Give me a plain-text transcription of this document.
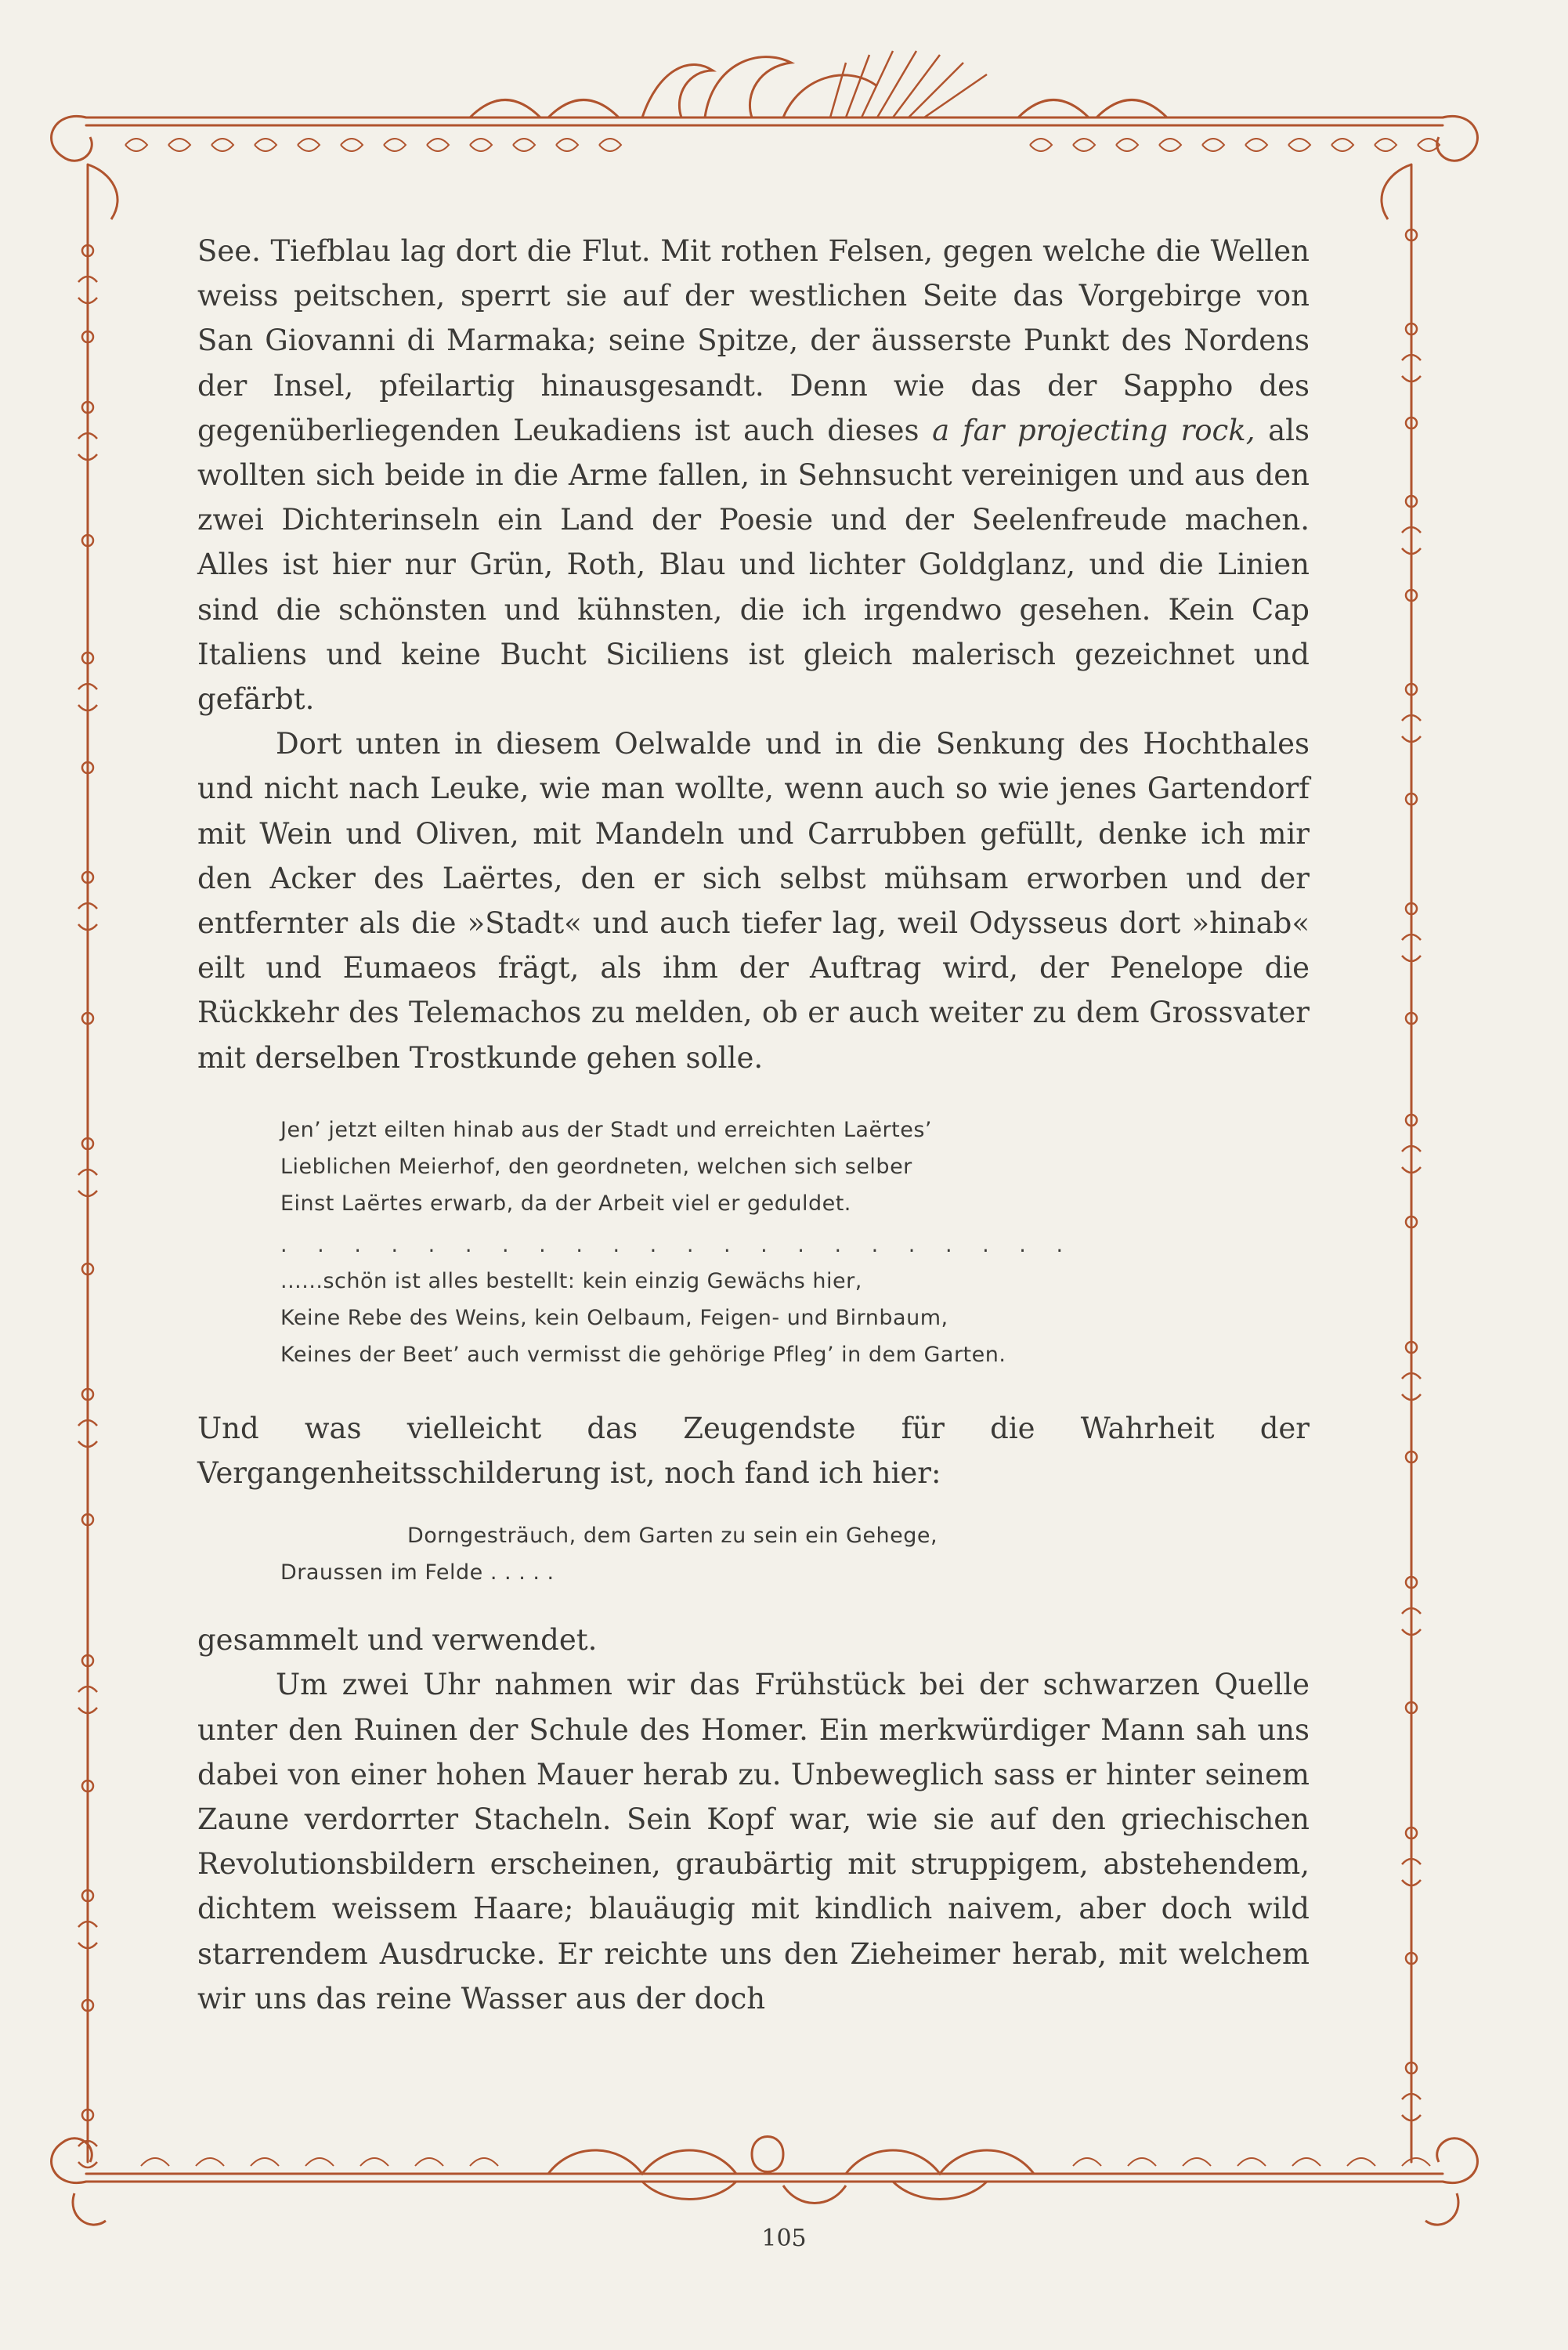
See. Tiefblau lag dort die Flut. Mit rothen Felsen, gegen welche die Wellen weiss peitschen, sperrt sie auf der westlichen Seite das Vorgebirge von San Giovanni di Marmaka; seine Spitze, der äusserste Punkt des Nordens der Insel, pfeilartig hinausgesandt. Denn wie das der Sappho des gegenüberliegenden Leukadiens ist auch dieses a far projecting rock, als wollten sich beide in die Arme fallen, in Sehnsucht vereinigen und aus den zwei Dichterinseln ein Land der Poesie und der Seelenfreude machen. Alles ist hier nur Grün, Roth, Blau und lichter Goldglanz, und die Linien sind die schönsten und kühnsten, die ich irgendwo gesehen. Kein Cap Italiens und keine Bucht Siciliens ist gleich malerisch gezeichnet und gefärbt.

Dort unten in diesem Oelwalde und in die Senkung des Hochthales und nicht nach Leuke, wie man wollte, wenn auch so wie jenes Gartendorf mit Wein und Oliven, mit Mandeln und Carrubben gefüllt, denke ich mir den Acker des Laërtes, den er sich selbst mühsam erworben und der entfernter als die »Stadt« und auch tiefer lag, weil Odysseus dort »hinab« eilt und Eumaeos frägt, als ihm der Auftrag wird, der Penelope die Rückkehr des Telemachos zu melden, ob er auch weiter zu dem Grossvater mit derselben Trostkunde gehen solle.

Jen’ jetzt eilten hinab aus der Stadt und erreichten Laërtes’
Lieblichen Meierhof, den geordneten, welchen sich selber
Einst Laërtes erwarb, da der Arbeit viel er geduldet.
. . . . . . . . . . . . . . . . . . . . . .
......schön ist alles bestellt: kein einzig Gewächs hier,
Keine Rebe des Weins, kein Oelbaum, Feigen- und Birnbaum,
Keines der Beet’ auch vermisst die gehörige Pfleg’ in dem Garten.

Und was vielleicht das Zeugendste für die Wahrheit der Vergangenheitsschilderung ist, noch fand ich hier:

Dorngesträuch, dem Garten zu sein ein Gehege,
Draussen im Felde . . . . .

gesammelt und verwendet.

Um zwei Uhr nahmen wir das Frühstück bei der schwarzen Quelle unter den Ruinen der Schule des Homer. Ein merkwürdiger Mann sah uns dabei von einer hohen Mauer herab zu. Unbeweglich sass er hinter seinem Zaune verdorrter Stacheln. Sein Kopf war, wie sie auf den griechischen Revolutionsbildern erscheinen, graubärtig mit struppigem, abstehendem, dichtem weissem Haare; blauäugig mit kindlich naivem, aber doch wild starrendem Ausdrucke. Er reichte uns den Zieheimer herab, mit welchem wir uns das reine Wasser aus der doch

105
